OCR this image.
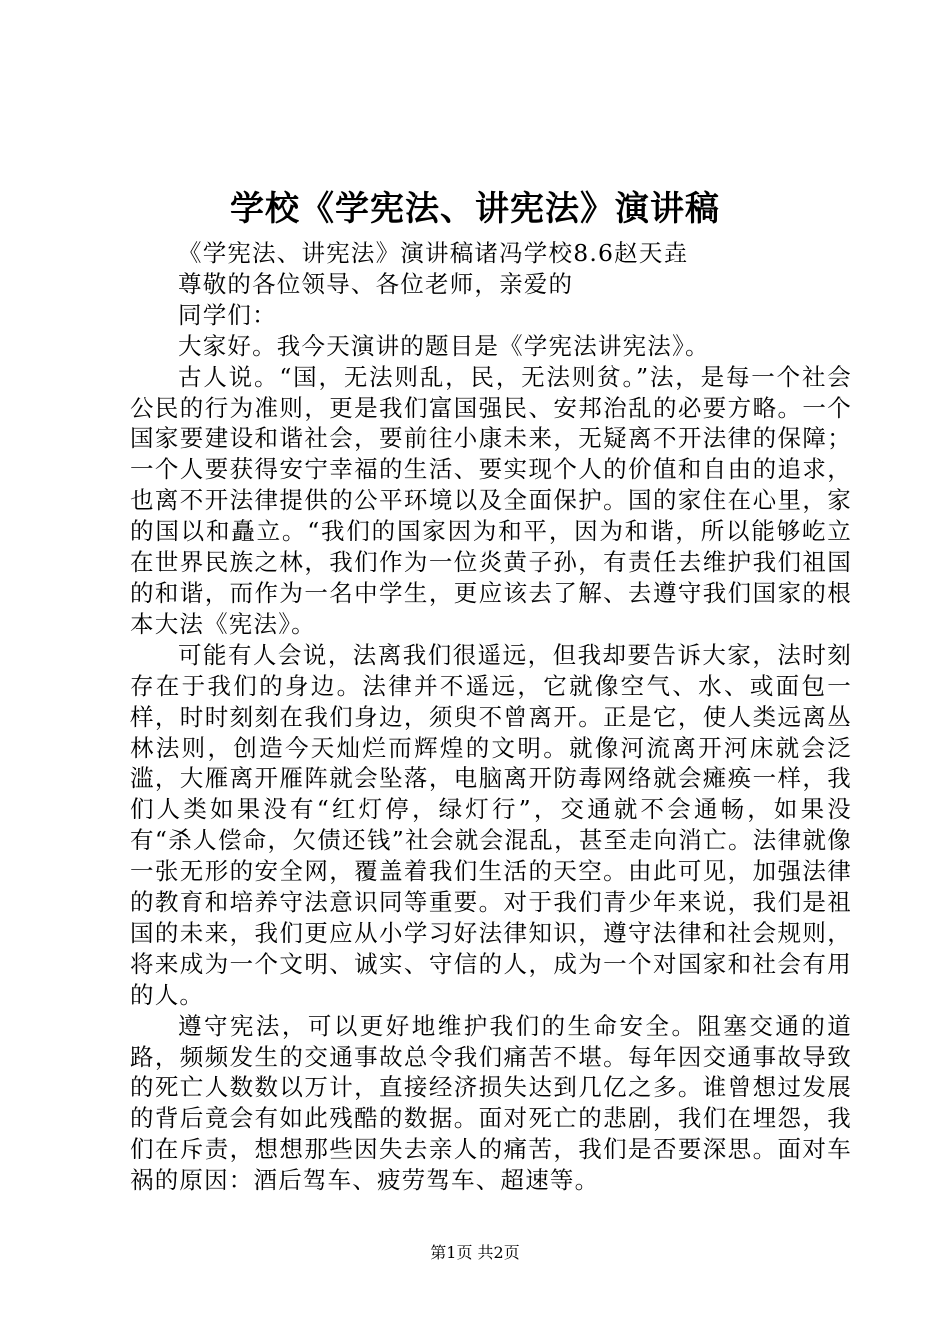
学校《学宪法、讲宪法》演讲稿

《学宪法、讲宪法》演讲稿诸冯学校8.6赵天垚

尊敬的各位领导、各位老师，亲爱的

同学们：

大家好。我今天演讲的题目是《学宪法讲宪法》。

古人说。“国，无法则乱，民，无法则贫。”法，是每一个社会公民的行为准则，更是我们富国强民、安邦治乱的必要方略。一个国家要建设和谐社会，要前往小康未来，无疑离不开法律的保障；一个人要获得安宁幸福的生活、要实现个人的价值和自由的追求，也离不开法律提供的公平环境以及全面保护。国的家住在心里，家的国以和矗立。“我们的国家因为和平，因为和谐，所以能够屹立在世界民族之林，我们作为一位炎黄子孙，有责任去维护我们祖国的和谐，而作为一名中学生，更应该去了解、去遵守我们国家的根本大法《宪法》。

可能有人会说，法离我们很遥远，但我却要告诉大家，法时刻存在于我们的身边。法律并不遥远，它就像空气、水、或面包一样，时时刻刻在我们身边，须臾不曾离开。正是它，使人类远离丛林法则，创造今天灿烂而辉煌的文明。就像河流离开河床就会泛滥，大雁离开雁阵就会坠落，电脑离开防毒网络就会瘫痪一样，我们人类如果没有“红灯停，绿灯行”，交通就不会通畅，如果没有“杀人偿命，欠债还钱”社会就会混乱，甚至走向消亡。法律就像一张无形的安全网，覆盖着我们生活的天空。由此可见，加强法律的教育和培养守法意识同等重要。对于我们青少年来说，我们是祖国的未来，我们更应从小学习好法律知识，遵守法律和社会规则，将来成为一个文明、诚实、守信的人，成为一个对国家和社会有用的人。

遵守宪法，可以更好地维护我们的生命安全。阻塞交通的道路，频频发生的交通事故总令我们痛苦不堪。每年因交通事故导致的死亡人数数以万计，直接经济损失达到几亿之多。谁曾想过发展的背后竟会有如此残酷的数据。面对死亡的悲剧，我们在埋怨，我们在斥责，想想那些因失去亲人的痛苦，我们是否要深思。面对车祸的原因：酒后驾车、疲劳驾车、超速等。

第1页 共2页
